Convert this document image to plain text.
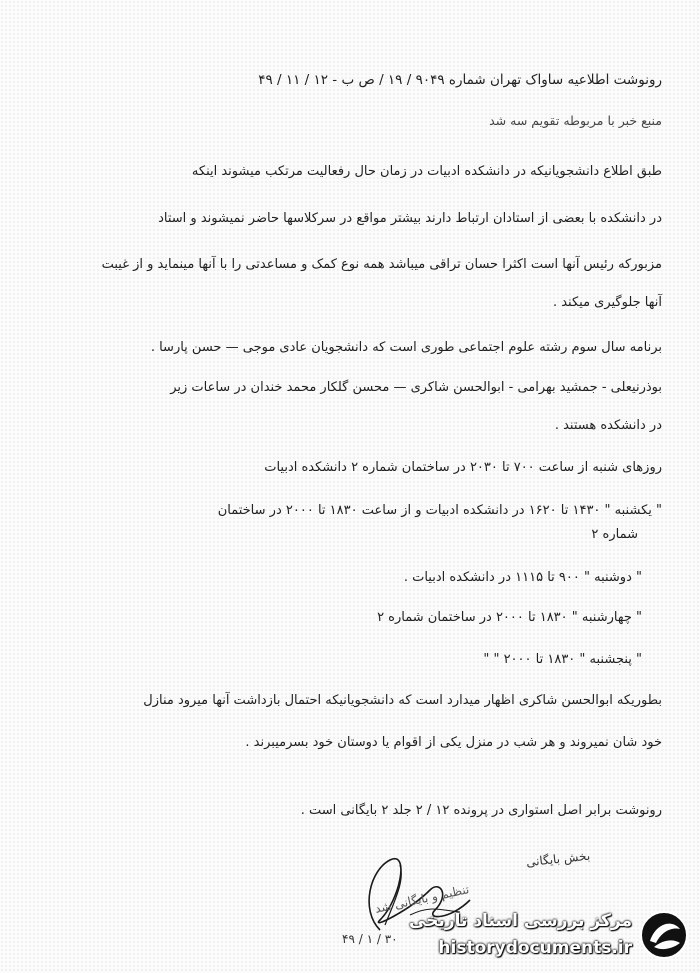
رونوشت اطلاعیه ساواک تهران شماره ۹۰۴۹ / ۱۹ / ص ب - ۱۲ / ۱۱ / ۴۹
منبع خبر با مربوطه تقویم سه شد
طبق اطلاع دانشجویانیکه در دانشکده ادبیات در زمان حال رفعالیت مرتکب میشوند اینکه
در دانشکده با بعضی از استادان ارتباط دارند بیشتر مواقع در سرکلاسها حاضر نمیشوند و استاد
مزبورکه رئیس آنها است اکثرا حسان تراقی میباشد همه نوع کمک و مساعدتی را با آنها مینماید و از غیبت
آنها جلوگیری میکند .
برنامه سال سوم رشته علوم اجتماعی طوری است که دانشجویان عادی موجی — حسن پارسا .
بوذرنیعلی - جمشید بهرامی - ابوالحسن شاکری — محسن گلکار محمد خندان در ساعات زیر
در دانشکده هستند .
روزهای شنبه از ساعت ۷۰۰ تا ۲۰۳۰ در ساختمان شماره ۲ دانشکده ادبیات
" یکشنبه " ۱۴۳۰ تا ۱۶۲۰ در دانشکده ادبیات و از ساعت ۱۸۳۰ تا ۲۰۰۰ در ساختمان
شماره ۲
" دوشنبه " ۹۰۰ تا ۱۱۱۵ در دانشکده ادبیات .
" چهارشنبه " ۱۸۳۰ تا ۲۰۰۰ در ساختمان شماره ۲
" پنجشنبه " ۱۸۳۰ تا ۲۰۰۰ " "
بطوریکه ابوالحسن شاکری اظهار میدارد است که دانشجویانیکه احتمال بازداشت آنها میرود منازل
خود شان نمیروند و هر شب در منزل یکی از اقوام یا دوستان خود بسرمیبرند .
رونوشت برابر اصل استواری در پرونده ۱۲ / ۲ جلد ۲ بایگانی است .
بخش بایگانی
تنظیم و بایگانی شد
۳۰ / ۱ / ۴۹
مرکز بررسی اسناد تاریخی
historydocuments.ir
